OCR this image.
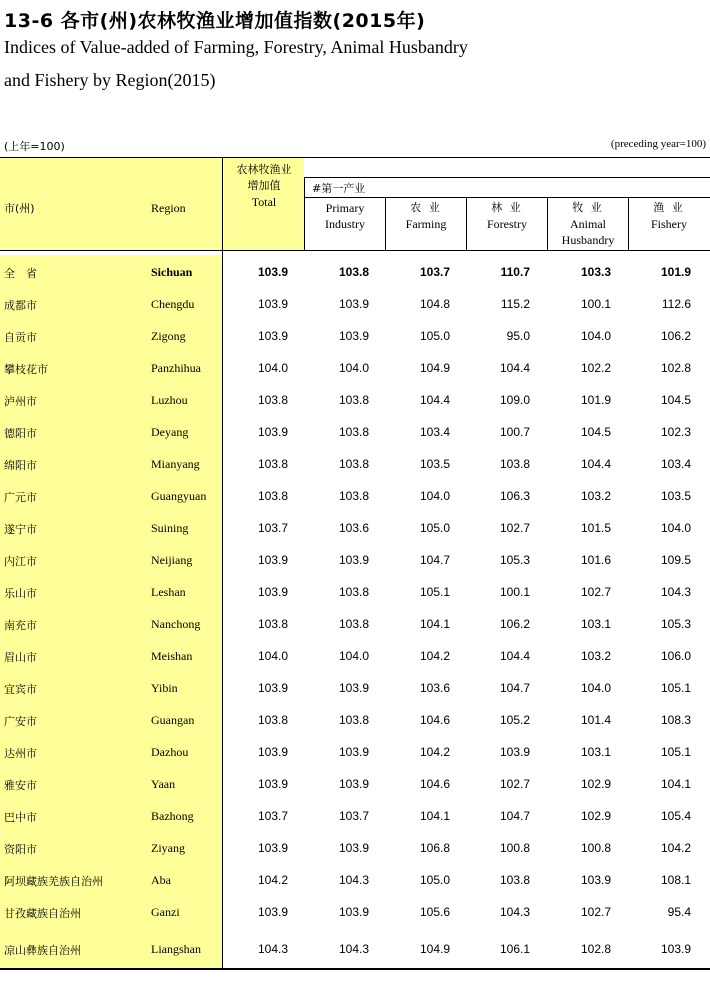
13-6 各市(州)农林牧渔业增加值指数(2015年)
Indices of Value-added of Farming, Forestry, Animal Husbandry
and Fishery by Region(2015)
(上年=100)	(preceding year=100)
市(州)	Region
农林牧渔业
增加值
Total
#第一产业
Primary
Industry
农 业
Farming
林 业
Forestry
牧 业
Animal
Husbandry
渔 业
Fishery
全　省	Sichuan	103.9	103.8	103.7	110.7	103.3	101.9
成都市	Chengdu	103.9	103.9	104.8	115.2	100.1	112.6
自贡市	Zigong	103.9	103.9	105.0	95.0	104.0	106.2
攀枝花市	Panzhihua	104.0	104.0	104.9	104.4	102.2	102.8
泸州市	Luzhou	103.8	103.8	104.4	109.0	101.9	104.5
德阳市	Deyang	103.9	103.8	103.4	100.7	104.5	102.3
绵阳市	Mianyang	103.8	103.8	103.5	103.8	104.4	103.4
广元市	Guangyuan	103.8	103.8	104.0	106.3	103.2	103.5
遂宁市	Suining	103.7	103.6	105.0	102.7	101.5	104.0
内江市	Neijiang	103.9	103.9	104.7	105.3	101.6	109.5
乐山市	Leshan	103.9	103.8	105.1	100.1	102.7	104.3
南充市	Nanchong	103.8	103.8	104.1	106.2	103.1	105.3
眉山市	Meishan	104.0	104.0	104.2	104.4	103.2	106.0
宜宾市	Yibin	103.9	103.9	103.6	104.7	104.0	105.1
广安市	Guangan	103.8	103.8	104.6	105.2	101.4	108.3
达州市	Dazhou	103.9	103.9	104.2	103.9	103.1	105.1
雅安市	Yaan	103.9	103.9	104.6	102.7	102.9	104.1
巴中市	Bazhong	103.7	103.7	104.1	104.7	102.9	105.4
资阳市	Ziyang	103.9	103.9	106.8	100.8	100.8	104.2
阿坝藏族羌族自治州	Aba	104.2	104.3	105.0	103.8	103.9	108.1
甘孜藏族自治州	Ganzi	103.9	103.9	105.6	104.3	102.7	95.4
凉山彝族自治州	Liangshan	104.3	104.3	104.9	106.1	102.8	103.9
